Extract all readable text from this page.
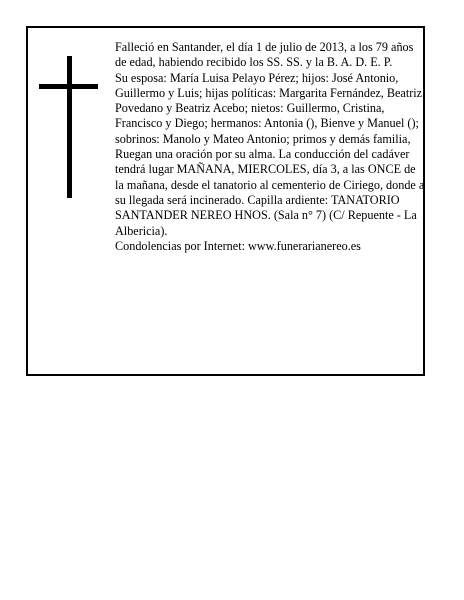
Falleció en Santander, el día 1 de julio de 2013, a los 79 años de edad, habiendo recibido los SS. SS. y la B. A. D. E. P.

Su esposa: María Luisa Pelayo Pérez; hijos: José Antonio, Guillermo y Luis; hijas políticas: Margarita Fernández, Beatriz Povedano y Beatriz Acebo; nietos: Guillermo, Cristina, Francisco y Diego; hermanos: Antonia (), Bienve y Manuel (); sobrinos: Manolo y Mateo Antonio; primos y demás familia,

Ruegan una oración por su alma. La conducción del cadáver tendrá lugar MAÑANA, MIERCOLES, día 3, a las ONCE de la mañana, desde el tanatorio al cementerio de Ciriego, donde a su llegada será incinerado. Capilla ardiente: TANATORIO SANTANDER NEREO HNOS. (Sala n° 7) (C/ Repuente - La Albericia).

Condolencias por Internet: www.funerarianereo.es
